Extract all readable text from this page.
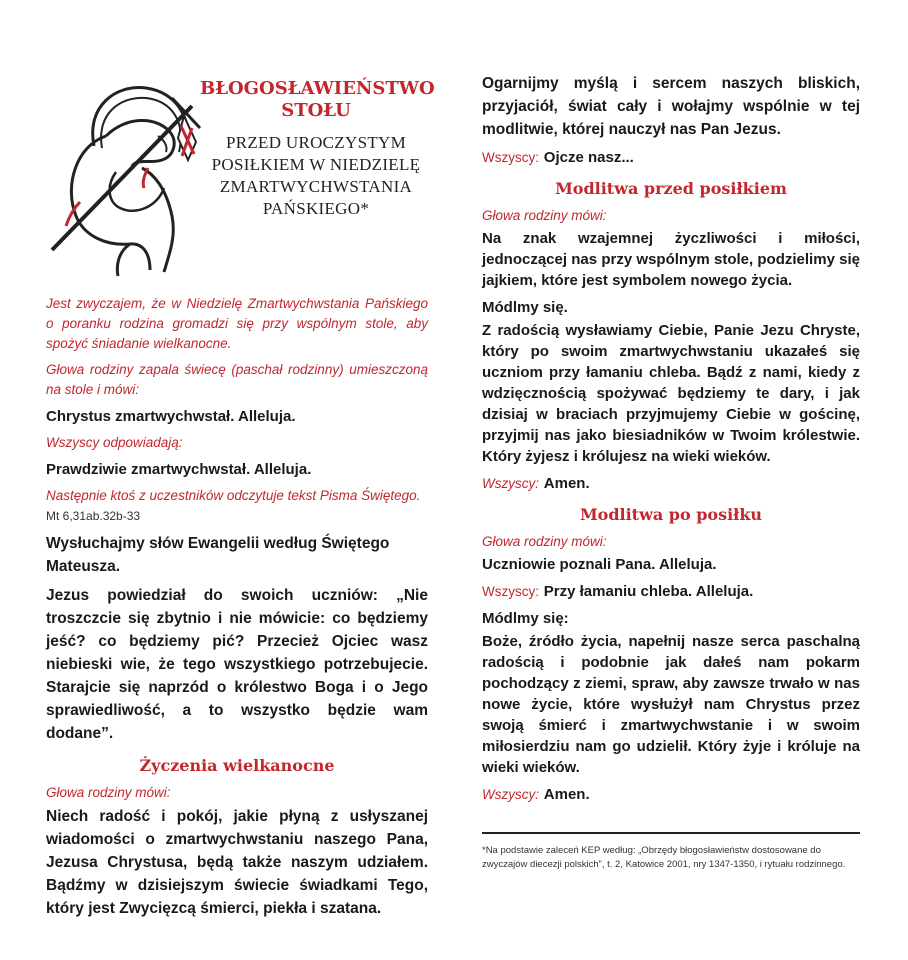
BŁOGOSŁAWIEŃSTWO STOŁU
PRZED UROCZYSTYM POSIŁKIEM W NIEDZIELĘ ZMARTWYCHWSTANIA PAŃSKIEGO*

Jest zwyczajem, że w Niedzielę Zmartwychwstania Pańskiego o poranku rodzina gromadzi się przy wspólnym stole, aby spożyć śniadanie wielkanocne.

Głowa rodziny zapala świecę (paschał rodzinny) umieszczoną na stole i mówi:

Chrystus zmartwychwstał. Alleluja.

Wszyscy odpowiadają:

Prawdziwie zmartwychwstał. Alleluja.

Następnie ktoś z uczestników odczytuje tekst Pisma Świętego.

Mt 6,31ab.32b-33

Wysłuchajmy słów Ewangelii według Świętego Mateusza.

Jezus powiedział do swoich uczniów: „Nie troszczcie się zbytnio i nie mówicie: co będziemy jeść? co będziemy pić? Przecież Ojciec wasz niebieski wie, że tego wszystkiego potrzebujecie. Starajcie się naprzód o królestwo Boga i o Jego sprawiedliwość, a to wszystko będzie wam dodane”.

Życzenia wielkanocne

Głowa rodziny mówi:

Niech radość i pokój, jakie płyną z usłyszanej wiadomości o zmartwychwstaniu naszego Pana, Jezusa Chrystusa, będą także naszym udziałem. Bądźmy w dzisiejszym świecie świadkami Tego, który jest Zwycięzcą śmierci, piekła i szatana.

Ogarnijmy myślą i sercem naszych bliskich, przyjaciół, świat cały i wołajmy wspólnie w tej modlitwie, której nauczył nas Pan Jezus.

Wszyscy: Ojcze nasz...

Modlitwa przed posiłkiem

Głowa rodziny mówi:

Na znak wzajemnej życzliwości i miłości, jednoczącej nas przy wspólnym stole, podzielimy się jajkiem, które jest symbolem nowego życia.

Módlmy się.

Z radością wysławiamy Ciebie, Panie Jezu Chryste, który po swoim zmartwychwstaniu ukazałeś się uczniom przy łamaniu chleba. Bądź z nami, kiedy z wdzięcznością spożywać będziemy te dary, i jak dzisiaj w braciach przyjmujemy Ciebie w gościnę, przyjmij nas jako biesiadników w Twoim królestwie. Który żyjesz i królujesz na wieki wieków.

Wszyscy: Amen.

Modlitwa po posiłku

Głowa rodziny mówi:

Uczniowie poznali Pana. Alleluja.

Wszyscy: Przy łamaniu chleba. Alleluja.

Módlmy się:

Boże, źródło życia, napełnij nasze serca paschalną radością i podobnie jak dałeś nam pokarm pochodzący z ziemi, spraw, aby zawsze trwało w nas nowe życie, które wysłużył nam Chrystus przez swoją śmierć i zmartwychwstanie i w swoim miłosierdziu nam go udzielił. Który żyje i króluje na wieki wieków.

Wszyscy: Amen.

*Na podstawie zaleceń KEP według: „Obrzędy błogosławieństw dostosowane do zwyczajów diecezji polskich”, t. 2, Katowice 2001, nry 1347-1350, i rytuału rodzinnego.
